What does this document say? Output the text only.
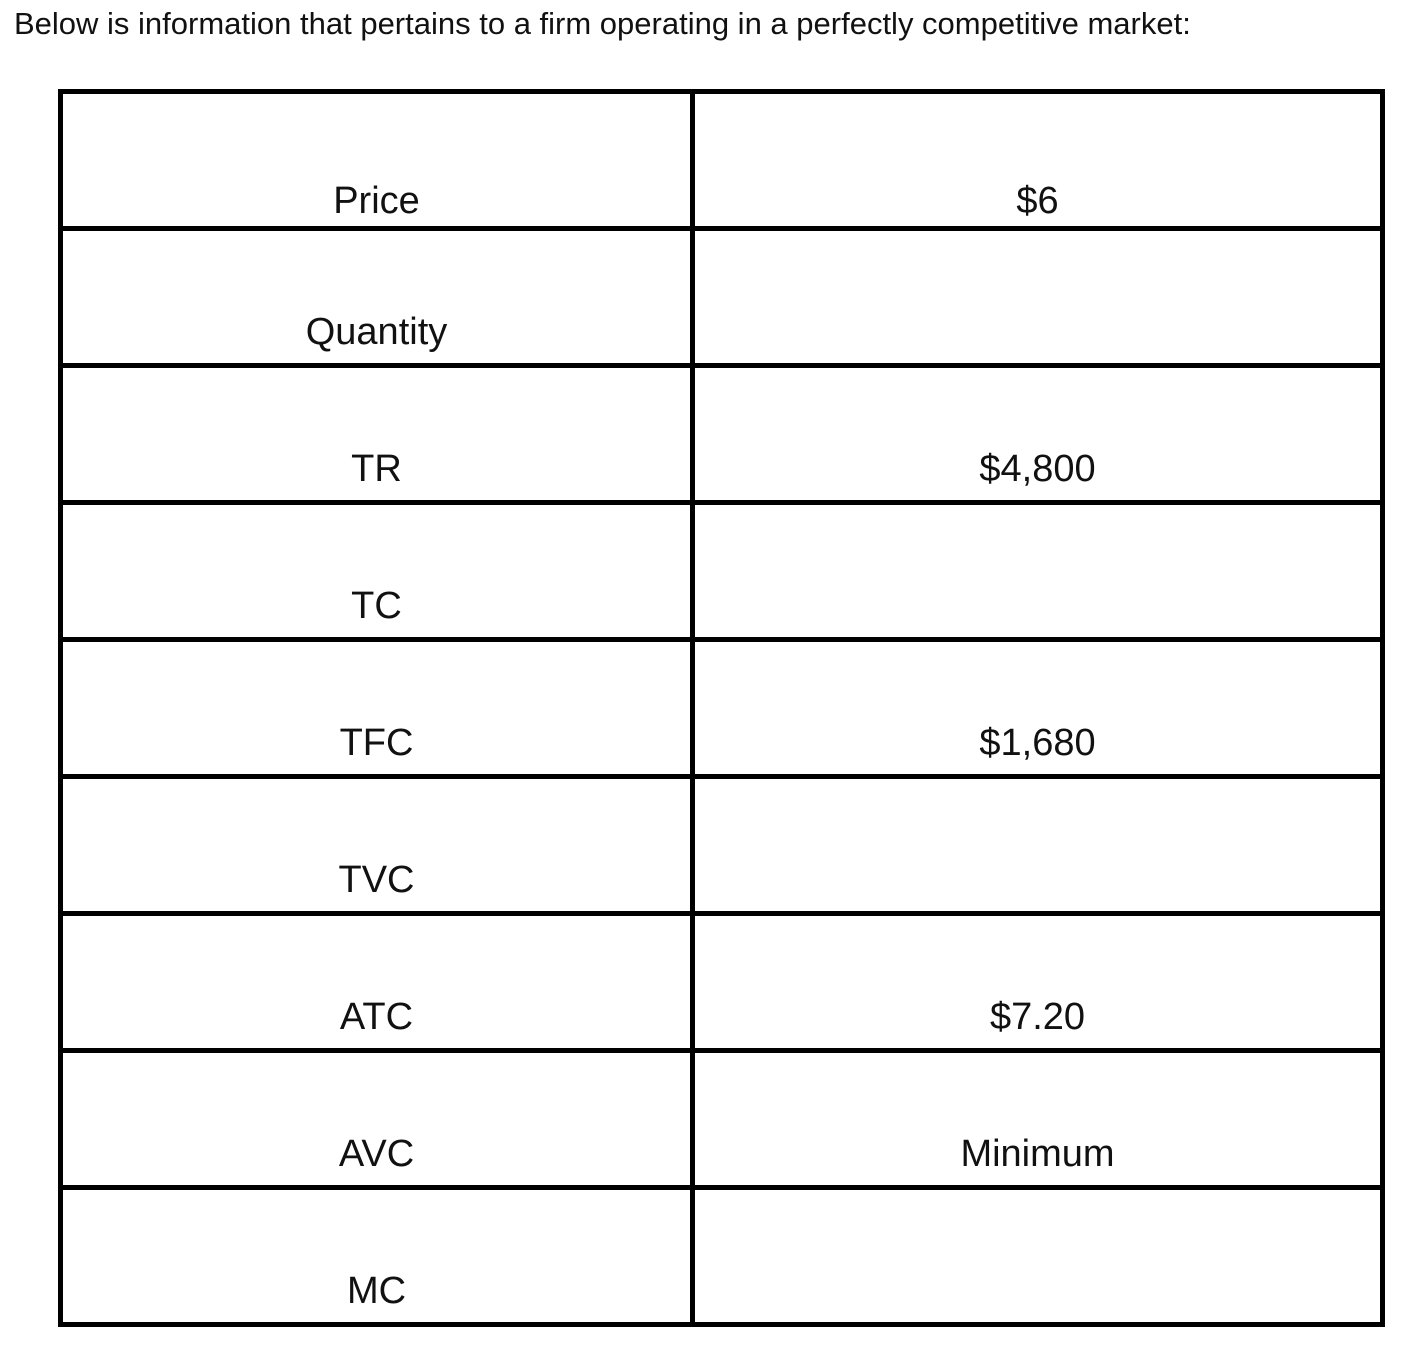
Below is information that pertains to a firm operating in a perfectly competitive market:
Price	$6
Quantity	
TR	$4,800
TC	
TFC	$1,680
TVC	
ATC	$7.20
AVC	Minimum
MC	
